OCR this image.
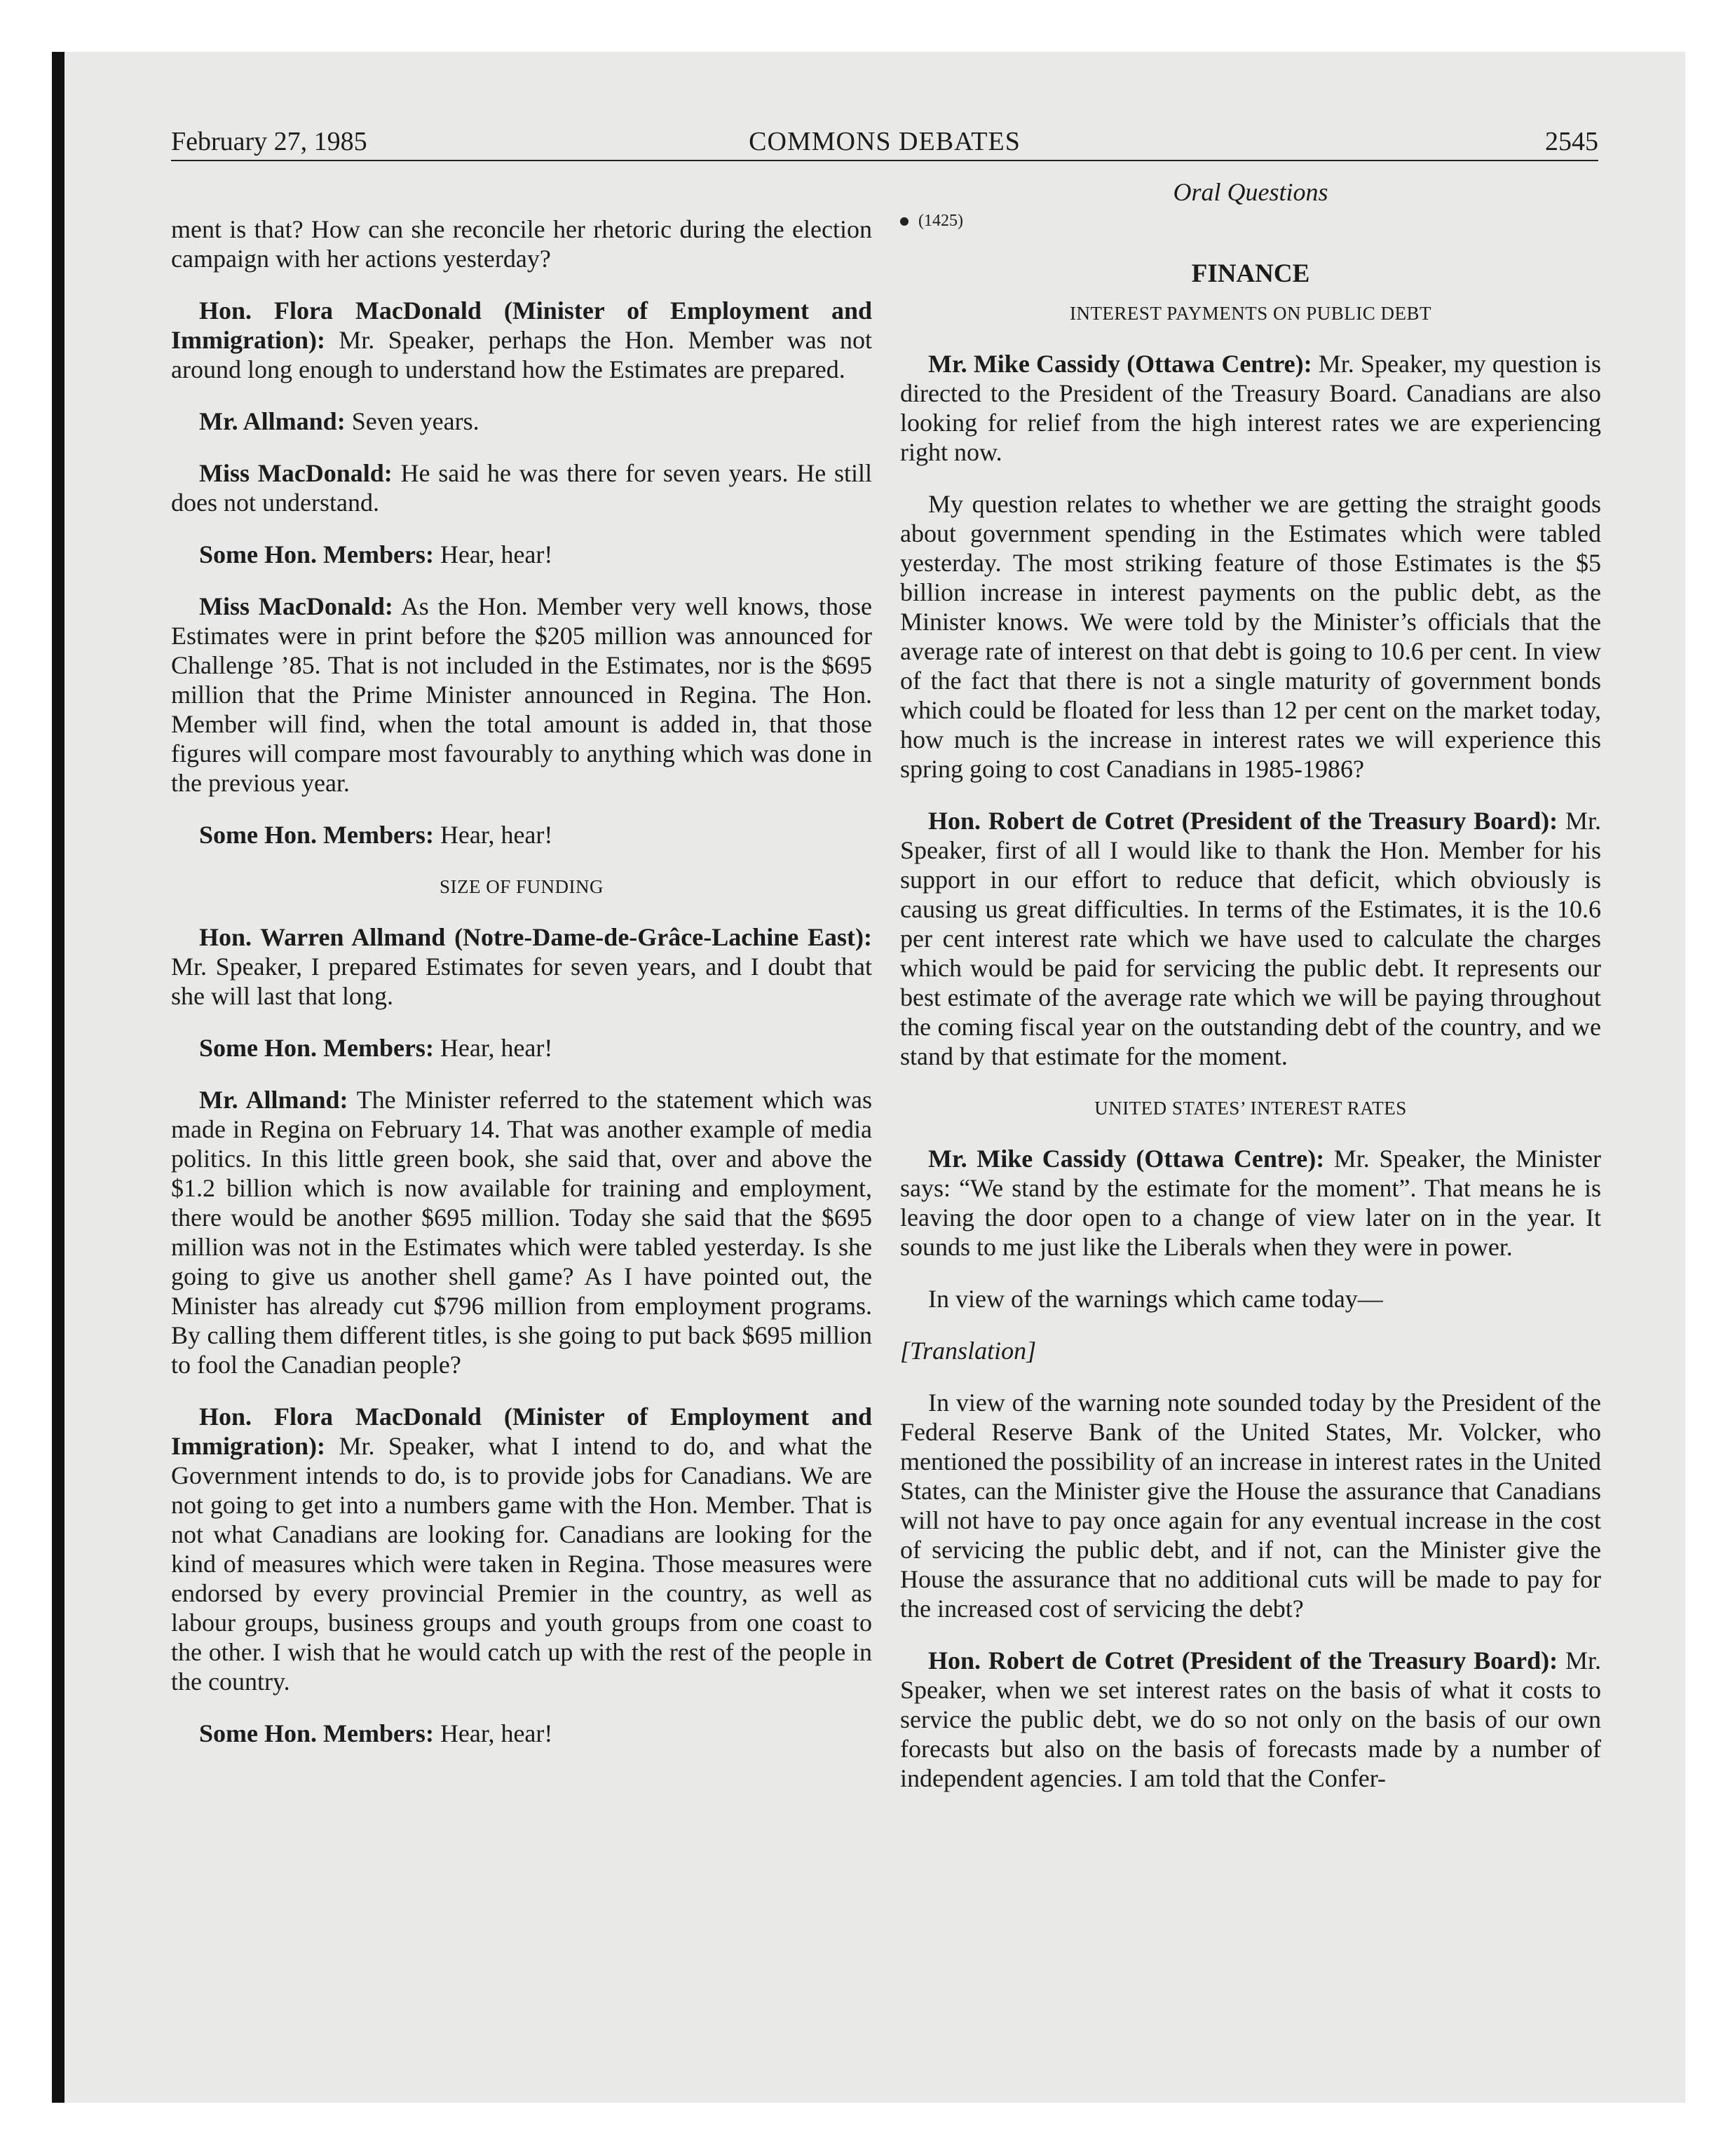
February 27, 1985	COMMONS DEBATES	2545
Oral Questions

ment is that? How can she reconcile her rhetoric during the election campaign with her actions yesterday?

Hon. Flora MacDonald (Minister of Employment and Immigration): Mr. Speaker, perhaps the Hon. Member was not around long enough to understand how the Estimates are prepared.

Mr. Allmand: Seven years.

Miss MacDonald: He said he was there for seven years. He still does not understand.

Some Hon. Members: Hear, hear!

Miss MacDonald: As the Hon. Member very well knows, those Estimates were in print before the $205 million was announced for Challenge ’85. That is not included in the Estimates, nor is the $695 million that the Prime Minister announced in Regina. The Hon. Member will find, when the total amount is added in, that those figures will compare most favourably to anything which was done in the previous year.

Some Hon. Members: Hear, hear!

SIZE OF FUNDING

Hon. Warren Allmand (Notre-Dame-de-Grâce-Lachine East): Mr. Speaker, I prepared Estimates for seven years, and I doubt that she will last that long.

Some Hon. Members: Hear, hear!

Mr. Allmand: The Minister referred to the statement which was made in Regina on February 14. That was another example of media politics. In this little green book, she said that, over and above the $1.2 billion which is now available for training and employment, there would be another $695 million. Today she said that the $695 million was not in the Estimates which were tabled yesterday. Is she going to give us another shell game? As I have pointed out, the Minister has already cut $796 million from employment programs. By calling them different titles, is she going to put back $695 million to fool the Canadian people?

Hon. Flora MacDonald (Minister of Employment and Immigration): Mr. Speaker, what I intend to do, and what the Government intends to do, is to provide jobs for Canadians. We are not going to get into a numbers game with the Hon. Member. That is not what Canadians are looking for. Canadians are looking for the kind of measures which were taken in Regina. Those measures were endorsed by every provincial Premier in the country, as well as labour groups, business groups and youth groups from one coast to the other. I wish that he would catch up with the rest of the people in the country.

Some Hon. Members: Hear, hear!

(1425)
FINANCE
INTEREST PAYMENTS ON PUBLIC DEBT

Mr. Mike Cassidy (Ottawa Centre): Mr. Speaker, my question is directed to the President of the Treasury Board. Canadians are also looking for relief from the high interest rates we are experiencing right now.

My question relates to whether we are getting the straight goods about government spending in the Estimates which were tabled yesterday. The most striking feature of those Estimates is the $5 billion increase in interest payments on the public debt, as the Minister knows. We were told by the Minister’s officials that the average rate of interest on that debt is going to 10.6 per cent. In view of the fact that there is not a single maturity of government bonds which could be floated for less than 12 per cent on the market today, how much is the increase in interest rates we will experience this spring going to cost Canadians in 1985-1986?

Hon. Robert de Cotret (President of the Treasury Board): Mr. Speaker, first of all I would like to thank the Hon. Member for his support in our effort to reduce that deficit, which obviously is causing us great difficulties. In terms of the Estimates, it is the 10.6 per cent interest rate which we have used to calculate the charges which would be paid for servicing the public debt. It represents our best estimate of the average rate which we will be paying throughout the coming fiscal year on the outstanding debt of the country, and we stand by that estimate for the moment.

UNITED STATES’ INTEREST RATES

Mr. Mike Cassidy (Ottawa Centre): Mr. Speaker, the Minister says: “We stand by the estimate for the moment”. That means he is leaving the door open to a change of view later on in the year. It sounds to me just like the Liberals when they were in power.

In view of the warnings which came today—

[Translation]

In view of the warning note sounded today by the President of the Federal Reserve Bank of the United States, Mr. Volcker, who mentioned the possibility of an increase in interest rates in the United States, can the Minister give the House the assurance that Canadians will not have to pay once again for any eventual increase in the cost of servicing the public debt, and if not, can the Minister give the House the assurance that no additional cuts will be made to pay for the increased cost of servicing the debt?

Hon. Robert de Cotret (President of the Treasury Board): Mr. Speaker, when we set interest rates on the basis of what it costs to service the public debt, we do so not only on the basis of our own forecasts but also on the basis of forecasts made by a number of independent agencies. I am told that the Confer-
